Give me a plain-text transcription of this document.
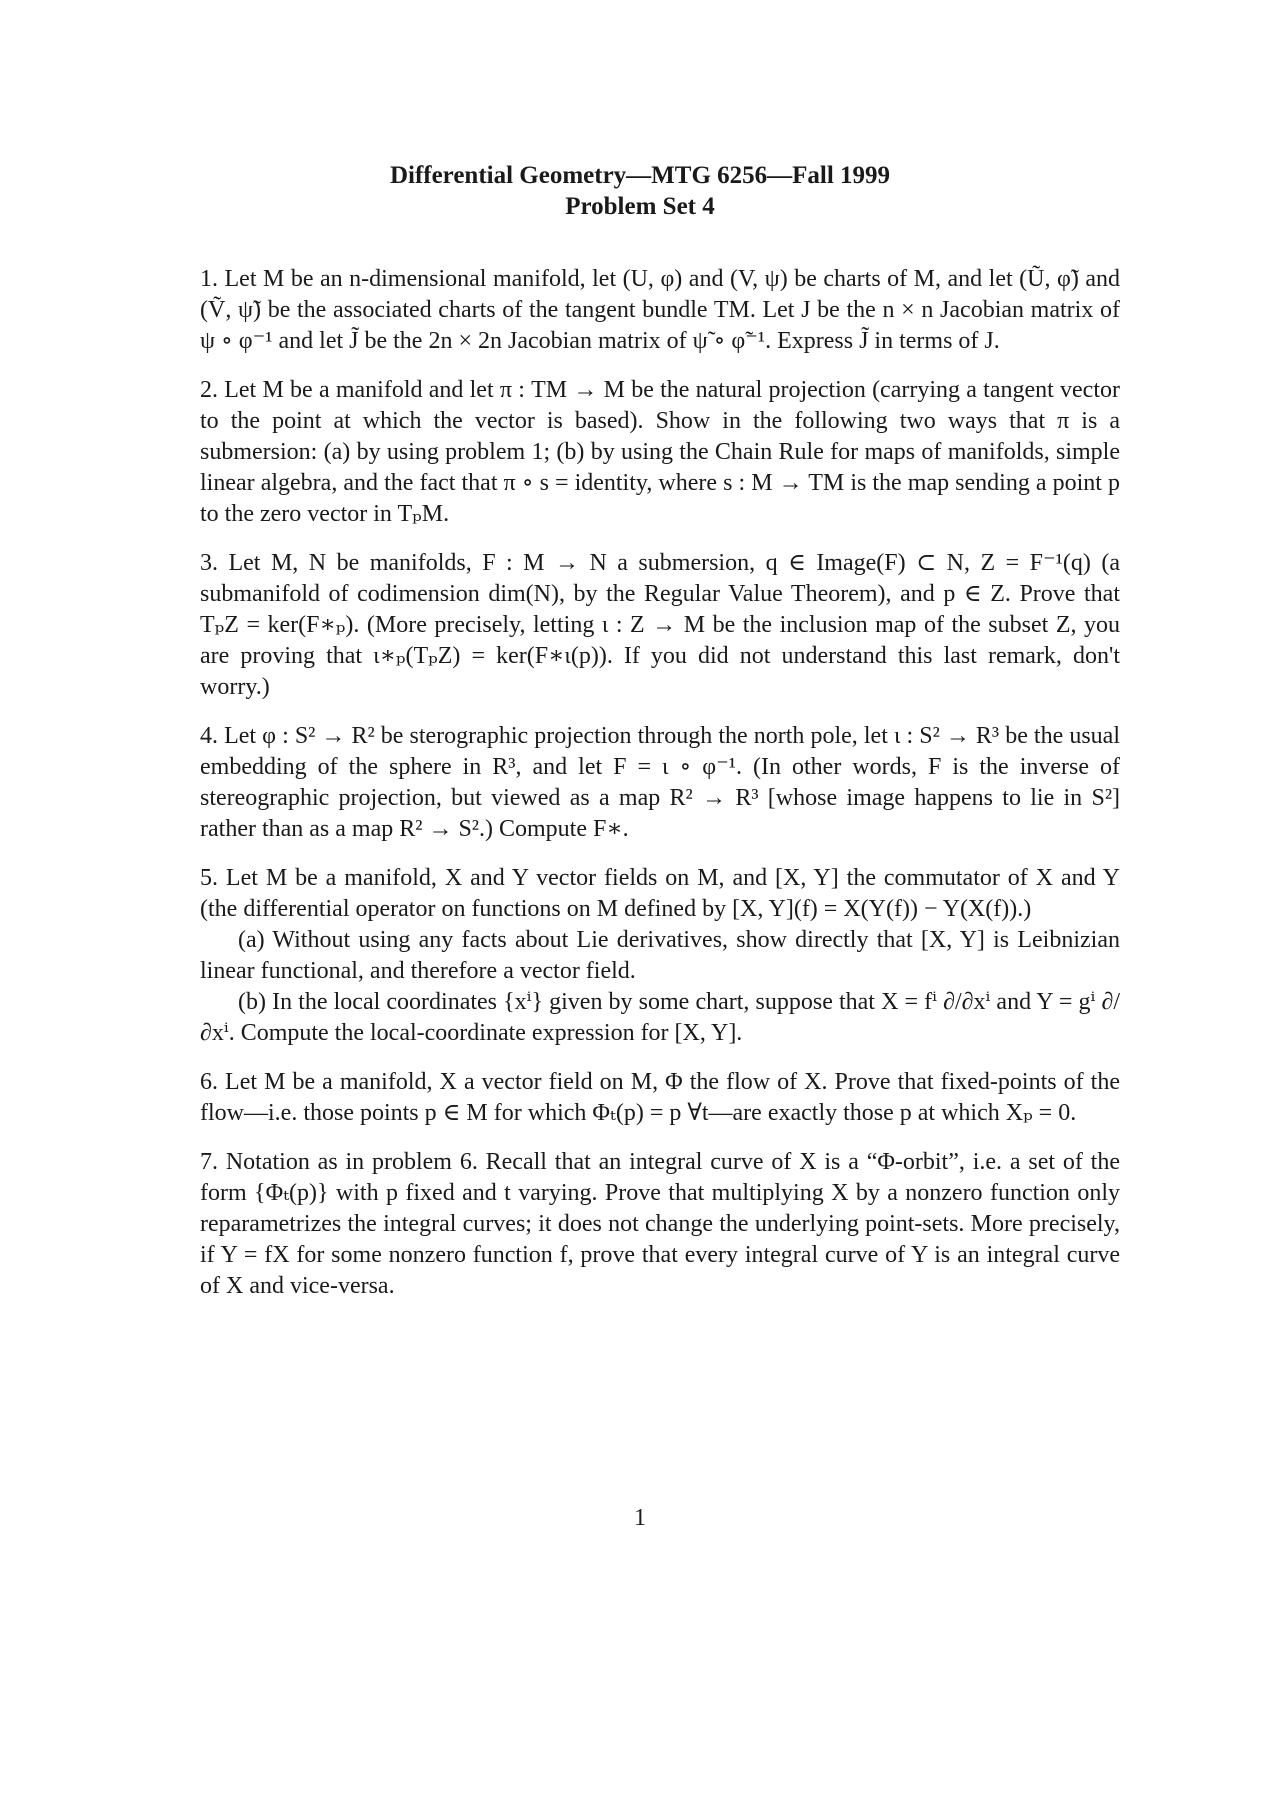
Differential Geometry—MTG 6256—Fall 1999
Problem Set 4

1. Let M be an n-dimensional manifold, let (U, φ) and (V, ψ) be charts of M, and let (Ũ, φ̃) and (Ṽ, ψ̃) be the associated charts of the tangent bundle TM. Let J be the n × n Jacobian matrix of ψ ∘ φ⁻¹ and let J̃ be the 2n × 2n Jacobian matrix of ψ̃ ∘ φ̃⁻¹. Express J̃ in terms of J.

2. Let M be a manifold and let π : TM → M be the natural projection (carrying a tangent vector to the point at which the vector is based). Show in the following two ways that π is a submersion: (a) by using problem 1; (b) by using the Chain Rule for maps of manifolds, simple linear algebra, and the fact that π ∘ s = identity, where s : M → TM is the map sending a point p to the zero vector in TₚM.

3. Let M, N be manifolds, F : M → N a submersion, q ∈ Image(F) ⊂ N, Z = F⁻¹(q) (a submanifold of codimension dim(N), by the Regular Value Theorem), and p ∈ Z. Prove that TₚZ = ker(F∗ₚ). (More precisely, letting ι : Z → M be the inclusion map of the subset Z, you are proving that ι∗ₚ(TₚZ) = ker(F∗ι(p)). If you did not understand this last remark, don't worry.)

4. Let φ : S² → R² be sterographic projection through the north pole, let ι : S² → R³ be the usual embedding of the sphere in R³, and let F = ι ∘ φ⁻¹. (In other words, F is the inverse of stereographic projection, but viewed as a map R² → R³ [whose image happens to lie in S²] rather than as a map R² → S².) Compute F∗.

5. Let M be a manifold, X and Y vector fields on M, and [X, Y] the commutator of X and Y (the differential operator on functions on M defined by [X, Y](f) = X(Y(f)) − Y(X(f)).)

(a) Without using any facts about Lie derivatives, show directly that [X, Y] is Leibnizian linear functional, and therefore a vector field.

(b) In the local coordinates {xⁱ} given by some chart, suppose that X = fⁱ ∂/∂xⁱ and Y = gⁱ ∂/∂xⁱ. Compute the local-coordinate expression for [X, Y].

6. Let M be a manifold, X a vector field on M, Φ the flow of X. Prove that fixed-points of the flow—i.e. those points p ∈ M for which Φₜ(p) = p ∀t—are exactly those p at which Xₚ = 0.

7. Notation as in problem 6. Recall that an integral curve of X is a “Φ-orbit”, i.e. a set of the form {Φₜ(p)} with p fixed and t varying. Prove that multiplying X by a nonzero function only reparametrizes the integral curves; it does not change the underlying point-sets. More precisely, if Y = fX for some nonzero function f, prove that every integral curve of Y is an integral curve of X and vice-versa.

1
